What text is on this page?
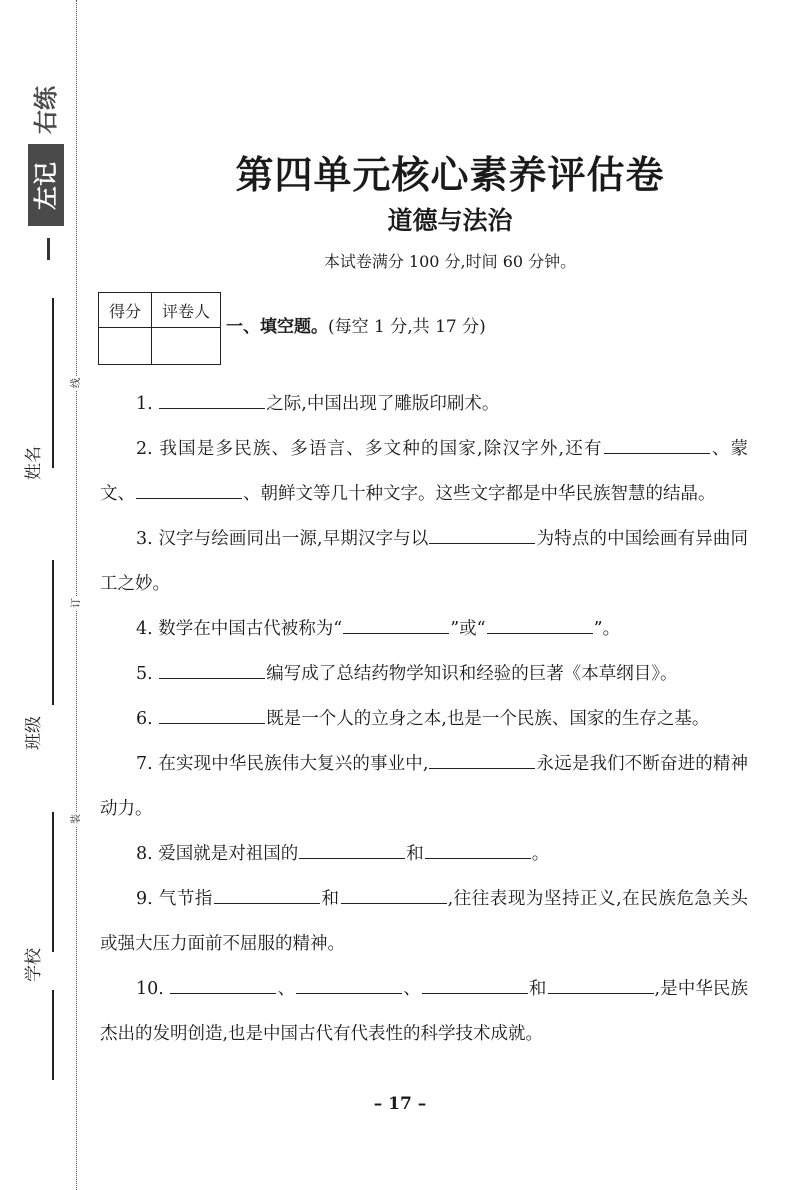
右练
左记
姓名
班级
学校
线
订
装
第四单元核心素养评估卷
道德与法治
本试卷满分 100 分,时间 60 分钟。
得分	评卷人

一、填空题。(每空 1 分,共 17 分)

1.	之际,中国出现了雕版印刷术。

2. 我国是多民族、多语言、多文种的国家,除汉字外,还有	、蒙文、	、朝鲜文等几十种文字。这些文字都是中华民族智慧的结晶。

3. 汉字与绘画同出一源,早期汉字与以	为特点的中国绘画有异曲同工之妙。

4. 数学在中国古代被称为“	”或“	”。

5.	编写成了总结药物学知识和经验的巨著《本草纲目》。

6.	既是一个人的立身之本,也是一个民族、国家的生存之基。

7. 在实现中华民族伟大复兴的事业中,	永远是我们不断奋进的精神动力。

8. 爱国就是对祖国的	和	。

9. 气节指	和	,往往表现为坚持正义,在民族危急关头或强大压力面前不屈服的精神。

10.	、	、	和	,是中华民族杰出的发明创造,也是中国古代有代表性的科学技术成就。

– 17 –
